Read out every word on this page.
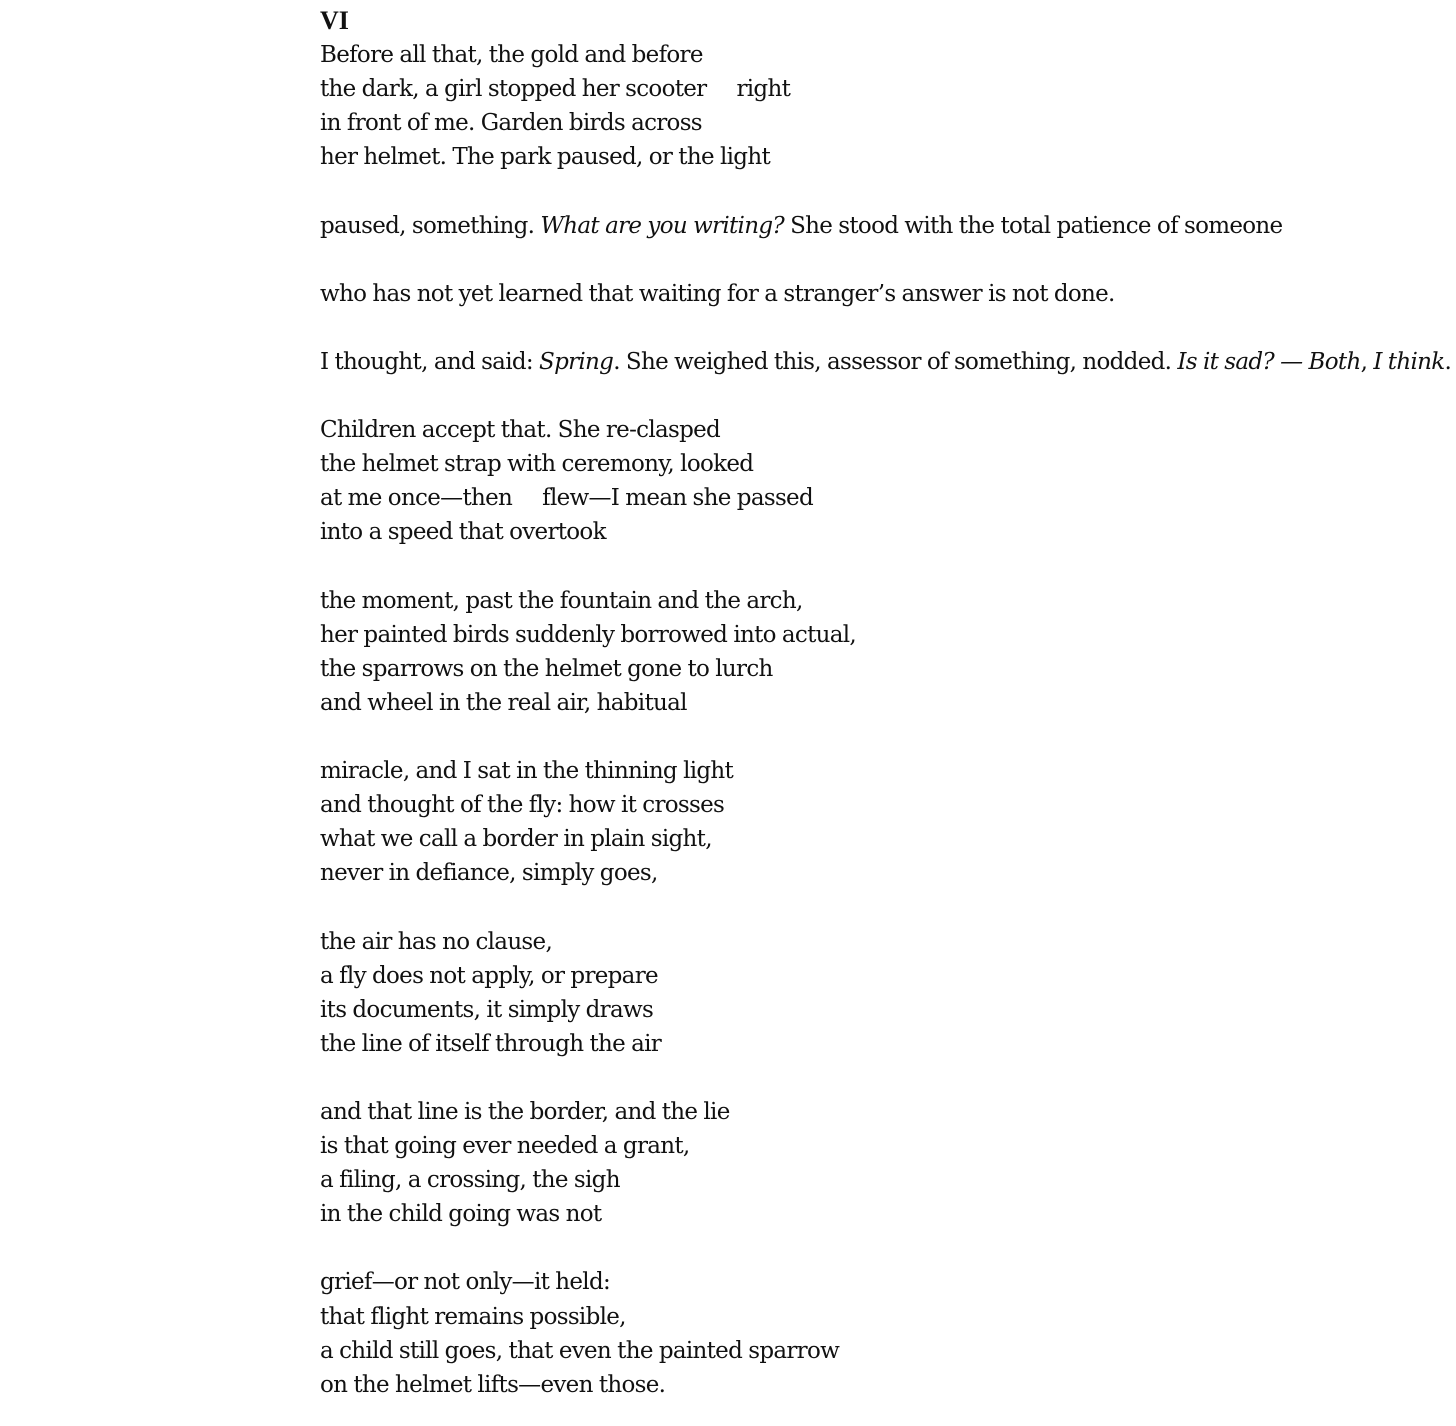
VI
Before all that, the gold and before
the dark, a girl stopped her scooter right
in front of me. Garden birds across
her helmet. The park paused, or the light
paused, something. What are you writing? She stood with the total patience of someone
who has not yet learned that waiting for a stranger’s answer is not done.
I thought, and said: Spring. She weighed this, assessor of something, nodded. Is it sad? — Both, I think.
Children accept that. She re-clasped
the helmet strap with ceremony, looked
at me once—then flew—I mean she passed
into a speed that overtook
the moment, past the fountain and the arch,
her painted birds suddenly borrowed into actual,
the sparrows on the helmet gone to lurch
and wheel in the real air, habitual
miracle, and I sat in the thinning light
and thought of the fly: how it crosses
what we call a border in plain sight,
never in defiance, simply goes,
the air has no clause,
a fly does not apply, or prepare
its documents, it simply draws
the line of itself through the air
and that line is the border, and the lie
is that going ever needed a grant,
a filing, a crossing, the sigh
in the child going was not
grief—or not only—it held:
that flight remains possible,
a child still goes, that even the painted sparrow
on the helmet lifts—even those.
